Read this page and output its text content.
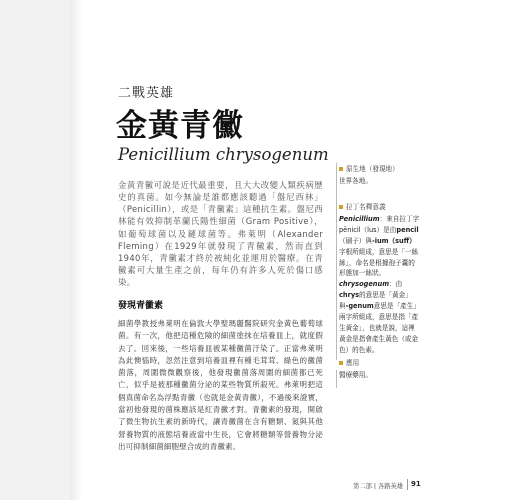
二戰英雄
金黃青黴
Penicillium chrysogenum
金黃青黴可說是近代最重要，且大大改變人類疾病歷史的真菌。如今無論是誰都應該聽過「盤尼西林」（Penicillin），或是「青黴素」這種抗生素。盤尼西林能有效抑制革蘭氏陽性細菌（Gram Positive），如葡萄球菌以及鏈球菌等。弗萊明（Alexander Fleming）在1929年就發現了青黴素，然而直到1940年，青黴素才終於被純化並運用於醫療。在青黴素可大量生產之前，每年仍有許多人死於傷口感染。
發現青黴素
細菌學教授弗萊明在倫敦大學聖瑪麗醫院研究金黃色葡萄球菌。有一次，他把這種危險的細菌塗抹在培養皿上，就度假去了。回來後，一些培養皿被某種黴菌汙染了。正當弗萊明為此懊惱時，忽然注意到培養皿裡有種毛茸茸、綠色的黴菌菌落，周圍微微觀察後，他發現黴菌落周圍的細菌都已死亡，似乎是被那種黴菌分泌的某些物質所殺死。弗萊明把這個真菌命名為浮點青黴（也就是金黃青黴），不過後來證實，當初他發現的菌株應該是紅青黴才對。青黴素的發現，開啟了微生物抗生素的新時代，讓青黴菌在含有糖類、氮與其他營養物質的液態培養液當中生長，它會將糖類等營養物分泌出可抑制細菌細胞壁合成的青黴素。
原生地（發現地）
世界各地。
拉丁名釋意義
Penicillium：來自拉丁字 pēnicil（lus）是由pencil（刷子）與-ium（suff）字根所組成，意思是「一絲絲」，命名是根據孢子囊的形態加一絲狀。chrysogenum：由chrys的意思是「黃金」與-genum意思是「產生」兩字所組成，意思是指「產生黃金」，也就是說，這裡黃金是指會產生黃色（或金色）的色素。
應用
醫療藥用。
第二部 | 各路英雄 91
